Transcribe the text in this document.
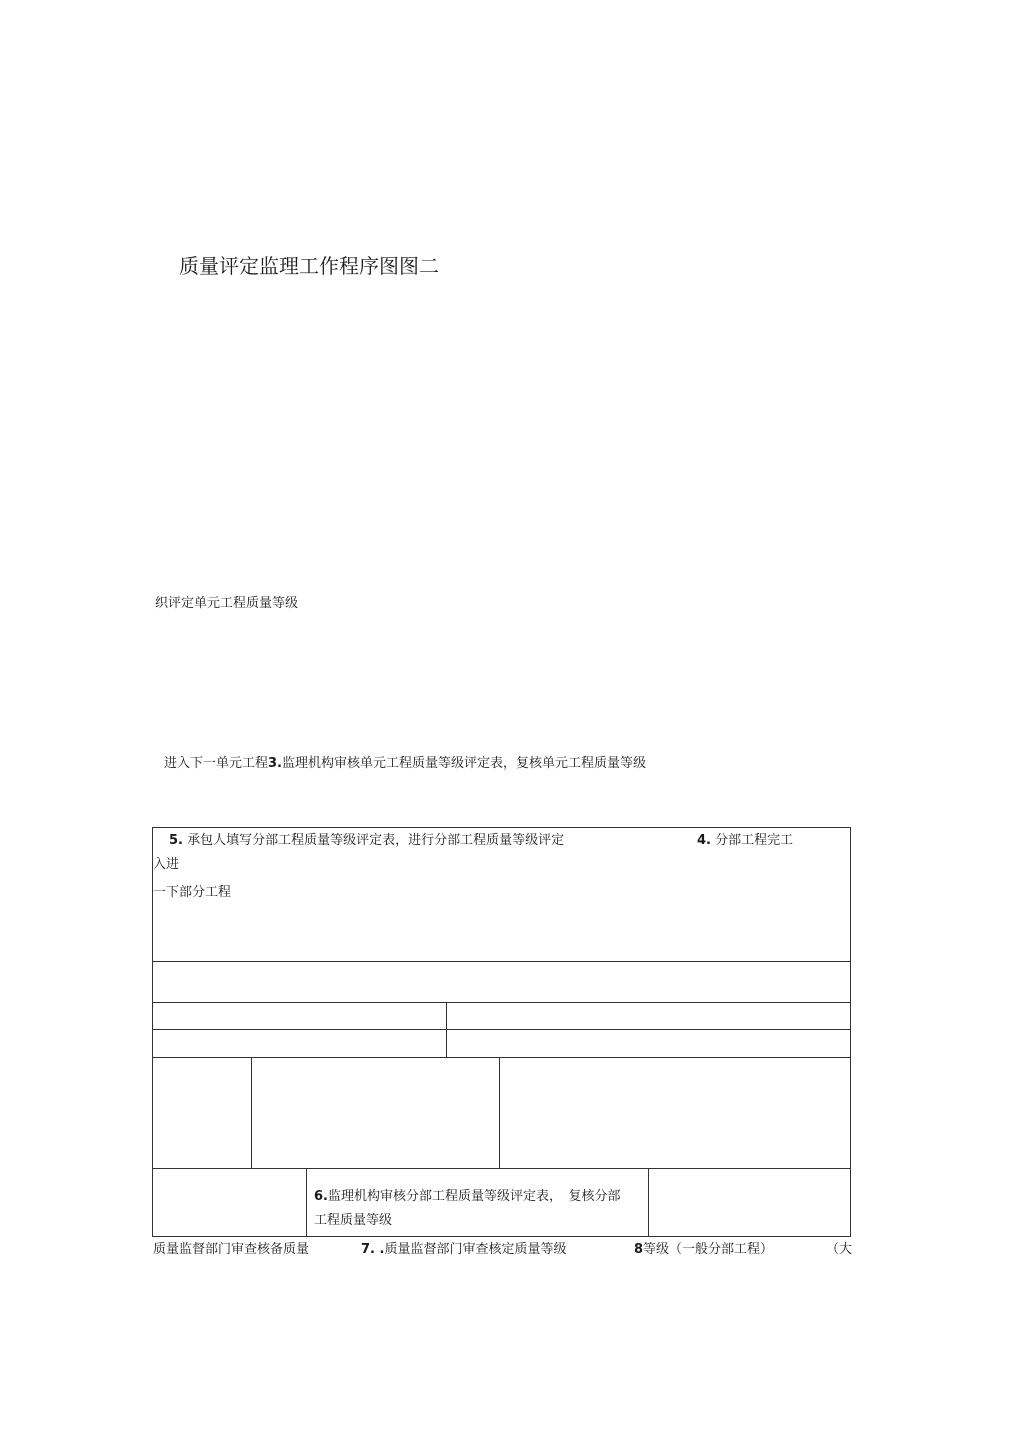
质量评定监理工作程序图图二
织评定单元工程质量等级
进入下一单元工程3.监理机构审核单元工程质量等级评定表，复核单元工程质量等级
5. 承包人填写分部工程质量等级评定表，进行分部工程质量等级评定	4. 分部工程完工
入进
一下部分工程
6.监理机构审核分部工程质量等级评定表，　复核分部
工程质量等级
质量监督部门审查核备质量	7. .质量监督部门审查核定质量等级	8等级（一般分部工程）	（大
